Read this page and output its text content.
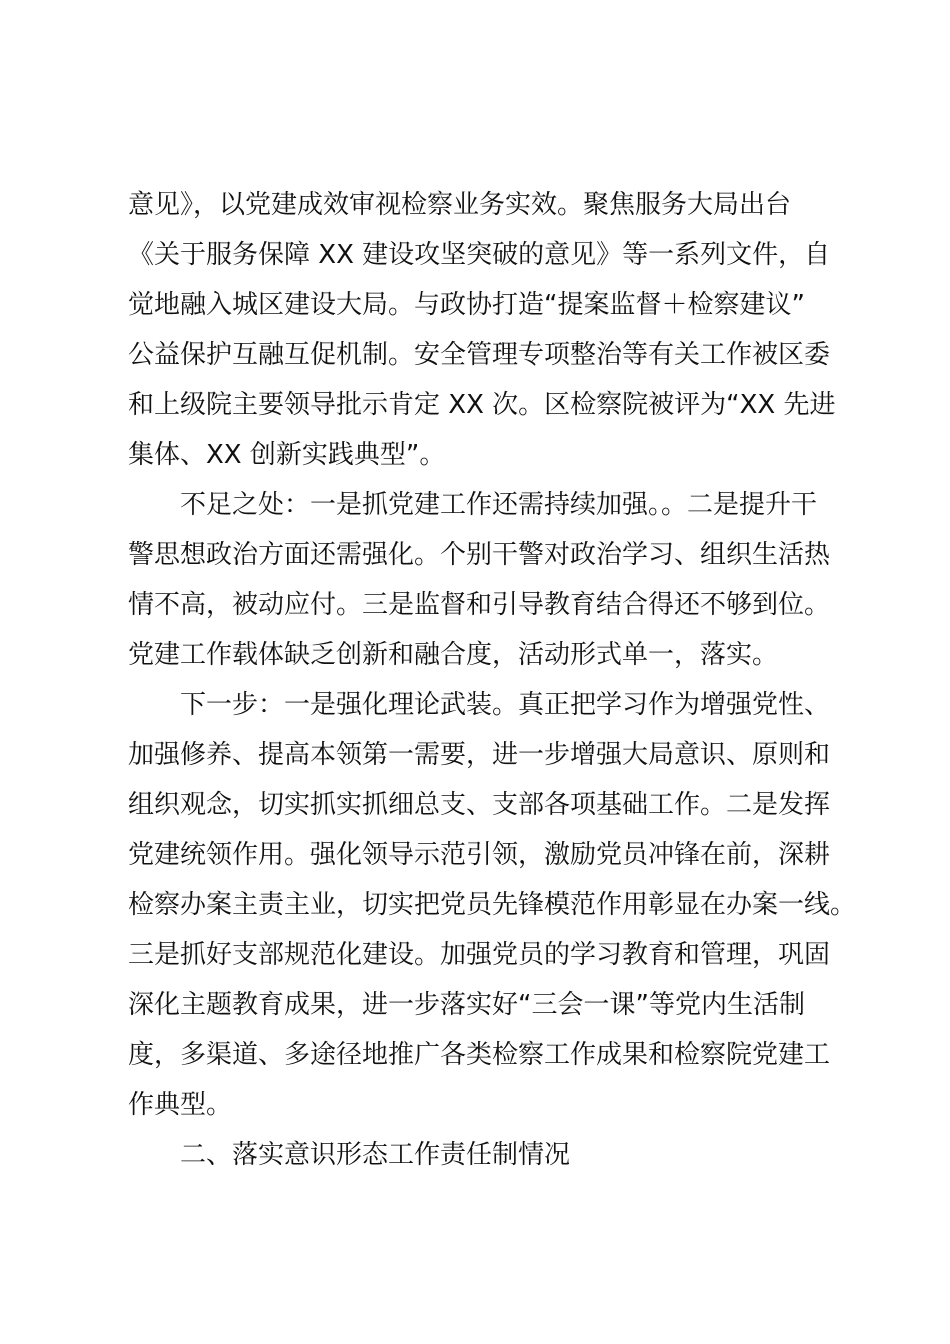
意见》，以党建成效审视检察业务实效。聚焦服务大局出台
《关于服务保障 XX 建设攻坚突破的意见》等一系列文件，自
觉地融入城区建设大局。与政协打造“提案监督＋检察建议”
公益保护互融互促机制。安全管理专项整治等有关工作被区委
和上级院主要领导批示肯定 XX 次。区检察院被评为“XX 先进
集体、XX 创新实践典型”。
不足之处：一是抓党建工作还需持续加强。。二是提升干
警思想政治方面还需强化。个别干警对政治学习、组织生活热
情不高，被动应付。三是监督和引导教育结合得还不够到位。
党建工作载体缺乏创新和融合度，活动形式单一，落实。
下一步：一是强化理论武装。真正把学习作为增强党性、
加强修养、提高本领第一需要，进一步增强大局意识、原则和
组织观念，切实抓实抓细总支、支部各项基础工作。二是发挥
党建统领作用。强化领导示范引领，激励党员冲锋在前，深耕
检察办案主责主业，切实把党员先锋模范作用彰显在办案一线。
三是抓好支部规范化建设。加强党员的学习教育和管理，巩固
深化主题教育成果，进一步落实好“三会一课”等党内生活制
度，多渠道、多途径地推广各类检察工作成果和检察院党建工
作典型。
二、落实意识形态工作责任制情况
